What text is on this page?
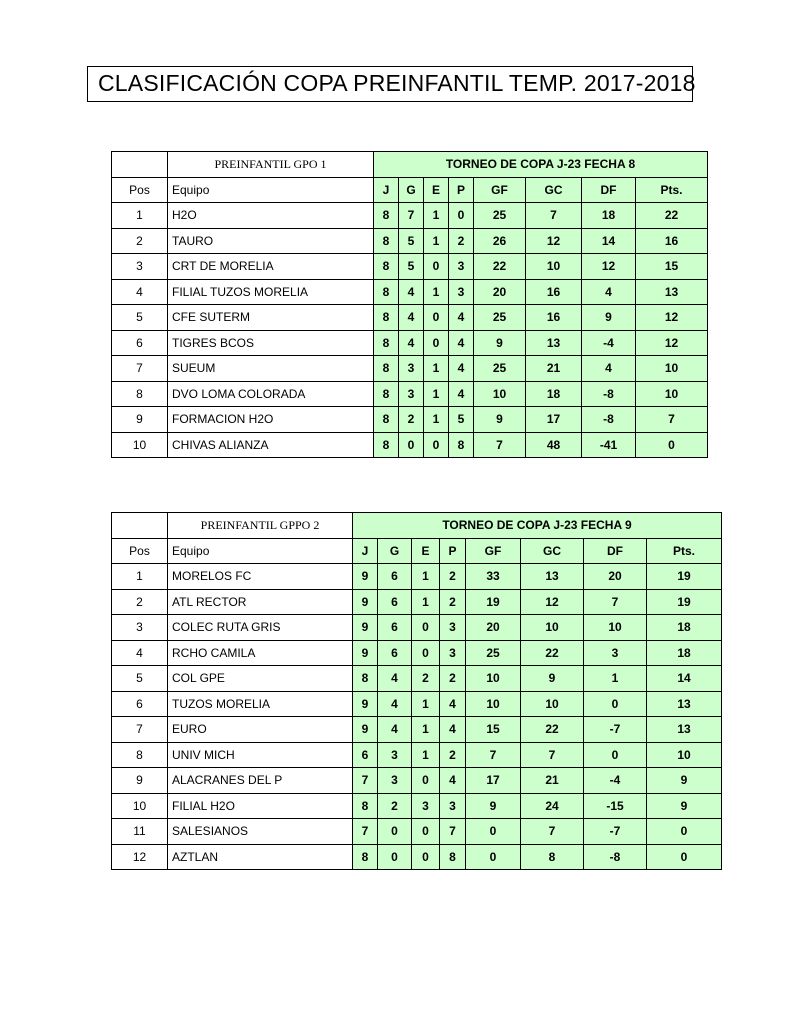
CLASIFICACIÓN COPA PREINFANTIL TEMP. 2017-2018
	PREINFANTIL GPO 1	TORNEO DE COPA J-23 FECHA 8							
Pos	Equipo	J	G	E	P	GF	GC	DF	Pts.
1	H2O	8	7	1	0	25	7	18	22
2	TAURO	8	5	1	2	26	12	14	16
3	CRT DE MORELIA	8	5	0	3	22	10	12	15
4	FILIAL TUZOS MORELIA	8	4	1	3	20	16	4	13
5	CFE SUTERM	8	4	0	4	25	16	9	12
6	TIGRES BCOS	8	4	0	4	9	13	-4	12
7	SUEUM	8	3	1	4	25	21	4	10
8	DVO LOMA COLORADA	8	3	1	4	10	18	-8	10
9	FORMACION H2O	8	2	1	5	9	17	-8	7
10	CHIVAS ALIANZA	8	0	0	8	7	48	-41	0
	PREINFANTIL GPPO 2	TORNEO DE COPA J-23 FECHA 9							
Pos	Equipo	J	G	E	P	GF	GC	DF	Pts.
1	MORELOS FC	9	6	1	2	33	13	20	19
2	ATL RECTOR	9	6	1	2	19	12	7	19
3	COLEC RUTA GRIS	9	6	0	3	20	10	10	18
4	RCHO CAMILA	9	6	0	3	25	22	3	18
5	COL GPE	8	4	2	2	10	9	1	14
6	TUZOS MORELIA	9	4	1	4	10	10	0	13
7	EURO	9	4	1	4	15	22	-7	13
8	UNIV MICH	6	3	1	2	7	7	0	10
9	ALACRANES DEL P	7	3	0	4	17	21	-4	9
10	FILIAL H2O	8	2	3	3	9	24	-15	9
11	SALESIANOS	7	0	0	7	0	7	-7	0
12	AZTLAN	8	0	0	8	0	8	-8	0
